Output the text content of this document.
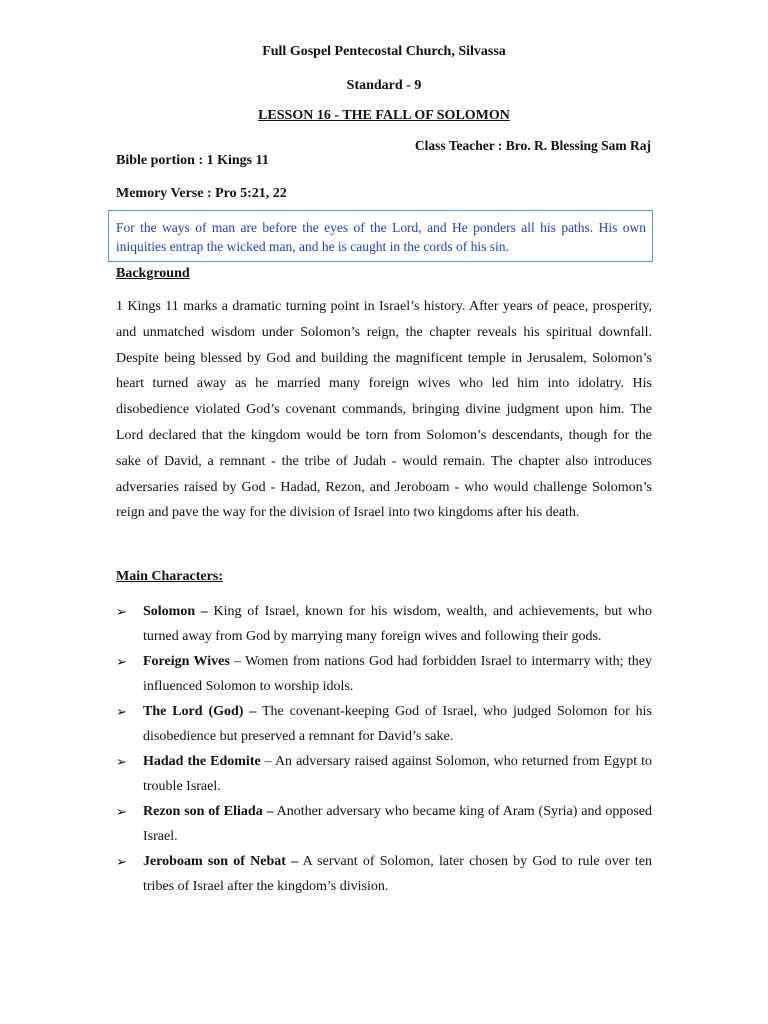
Full Gospel Pentecostal Church, Silvassa
Standard - 9
LESSON 16 - THE FALL OF SOLOMON
Class Teacher : Bro. R. Blessing Sam Raj
Bible portion : 1 Kings 11
Memory Verse : Pro 5:21, 22
For the ways of man are before the eyes of the Lord, and He ponders all his paths. His own iniquities entrap the wicked man, and he is caught in the cords of his sin.
Background
1 Kings 11 marks a dramatic turning point in Israel’s history. After years of peace, prosperity, and unmatched wisdom under Solomon’s reign, the chapter reveals his spiritual downfall. Despite being blessed by God and building the magnificent temple in Jerusalem, Solomon’s heart turned away as he married many foreign wives who led him into idolatry. His disobedience violated God’s covenant commands, bringing divine judgment upon him. The Lord declared that the kingdom would be torn from Solomon’s descendants, though for the sake of David, a remnant - the tribe of Judah - would remain. The chapter also introduces adversaries raised by God - Hadad, Rezon, and Jeroboam - who would challenge Solomon’s reign and pave the way for the division of Israel into two kingdoms after his death.
Main Characters:
➢ Solomon – King of Israel, known for his wisdom, wealth, and achievements, but who turned away from God by marrying many foreign wives and following their gods.
➢ Foreign Wives – Women from nations God had forbidden Israel to intermarry with; they influenced Solomon to worship idols.
➢ The Lord (God) – The covenant-keeping God of Israel, who judged Solomon for his disobedience but preserved a remnant for David’s sake.
➢ Hadad the Edomite – An adversary raised against Solomon, who returned from Egypt to trouble Israel.
➢ Rezon son of Eliada – Another adversary who became king of Aram (Syria) and opposed Israel.
➢ Jeroboam son of Nebat – A servant of Solomon, later chosen by God to rule over ten tribes of Israel after the kingdom’s division.
